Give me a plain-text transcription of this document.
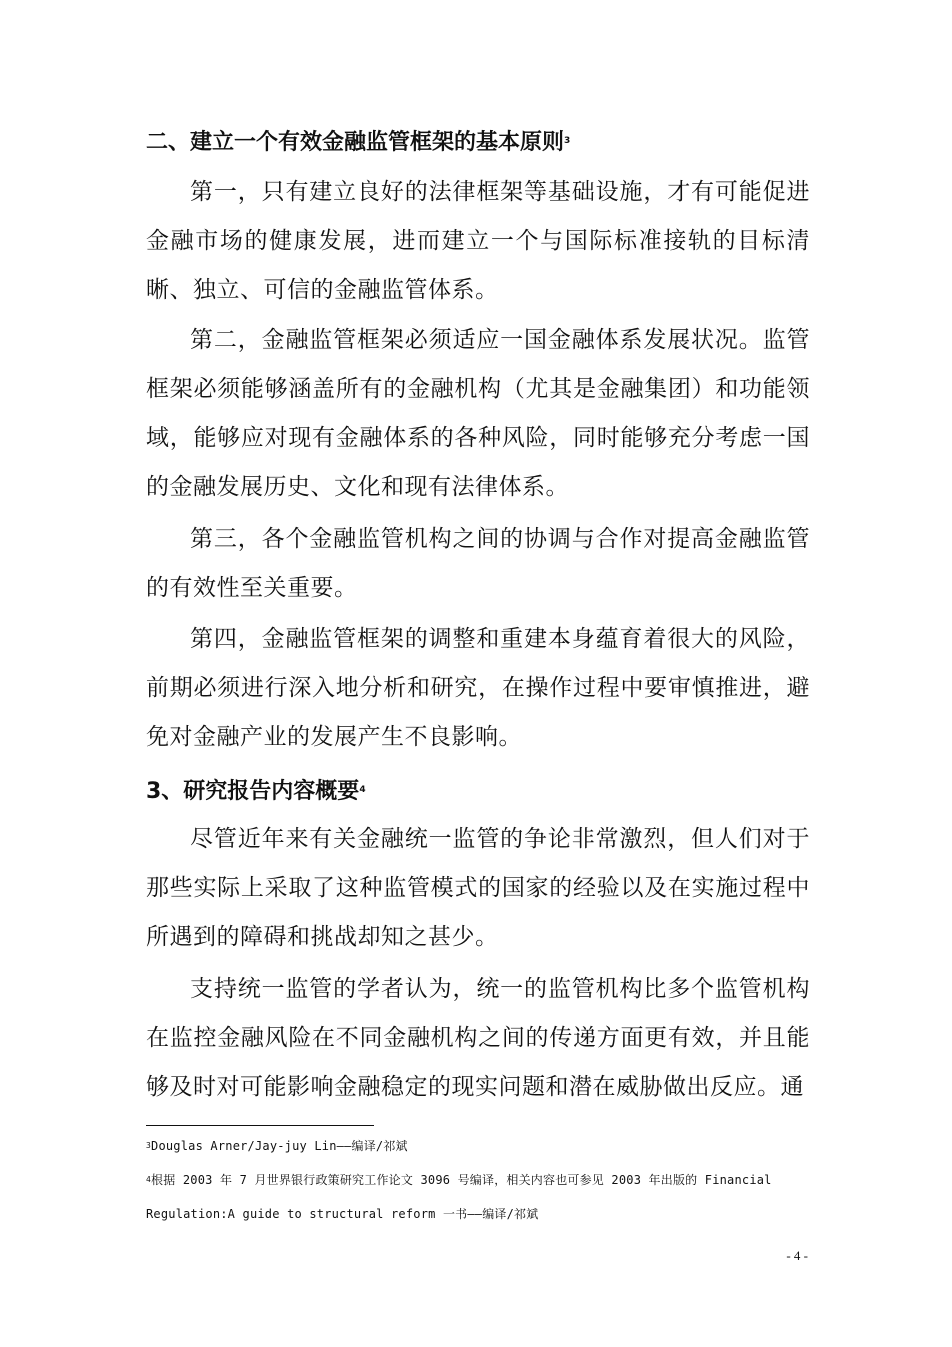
二、建立一个有效金融监管框架的基本原则$^3$

第一，只有建立良好的法律框架等基础设施，才有可能促进金融市场的健康发展，进而建立一个与国际标准接轨的目标清晰、独立、可信的金融监管体系。

第二，金融监管框架必须适应一国金融体系发展状况。监管框架必须能够涵盖所有的金融机构（尤其是金融集团）和功能领域，能够应对现有金融体系的各种风险，同时能够充分考虑一国的金融发展历史、文化和现有法律体系。

第三，各个金融监管机构之间的协调与合作对提高金融监管的有效性至关重要。

第四，金融监管框架的调整和重建本身蕴育着很大的风险，前期必须进行深入地分析和研究，在操作过程中要审慎推进，避免对金融产业的发展产生不良影响。

3、研究报告内容概要$^4$

尽管近年来有关金融统一监管的争论非常激烈，但人们对于那些实际上采取了这种监管模式的国家的经验以及在实施过程中所遇到的障碍和挑战却知之甚少。

支持统一监管的学者认为，统一的监管机构比多个监管机构在监控金融风险在不同金融机构之间的传递方面更有效，并且能够及时对可能影响金融稳定的现实问题和潜在威胁做出反应。通

$^3$Douglas Arner/Jay-juy Lin——编译/祁斌

$^4$根据 2003 年 7 月世界银行政策研究工作论文 3096 号编译，相关内容也可参见 2003 年出版的 Financial Regulation:A guide to structural reform 一书——编译/祁斌

- 4 -
